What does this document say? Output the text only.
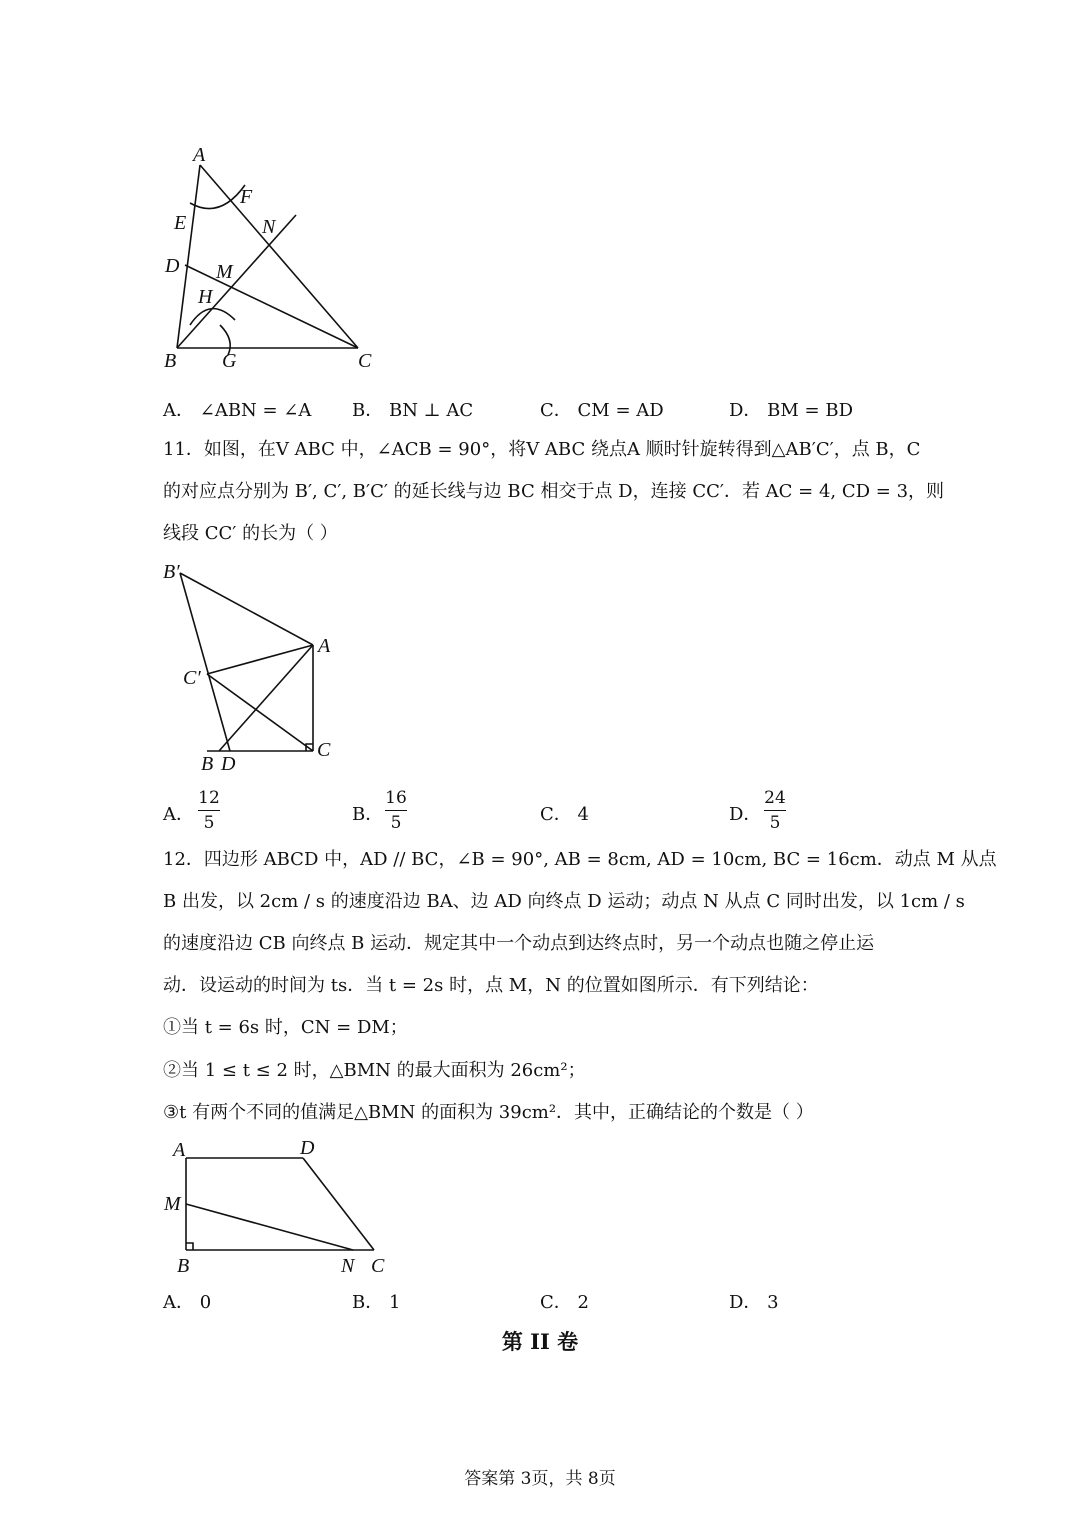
A
F
E	N
D M
H
B G	C
A． ∠ABN = ∠A B． BN ⊥ AC	C． CM = AD	D． BM = BD
11．如图，在V ABC 中，∠ACB = 90°，将V ABC 绕点A 顺时针旋转得到△AB′C′，点 B，C
的对应点分别为 B′, C′, B′C′ 的延长线与边 BC 相交于点 D，连接 CC′．若 AC = 4, CD = 3，则
线段 CC′ 的长为（ ）
B′
A
C′
C
B D
A．
12
5	B．
16
5	C． 4	D．
24
5
12．四边形 ABCD 中，AD // BC，∠B = 90°, AB = 8cm, AD = 10cm, BC = 16cm．动点 M 从点
B 出发，以 2cm / s 的速度沿边 BA、边 AD 向终点 D 运动；动点 N 从点 C 同时出发，以 1cm / s
的速度沿边 CB 向终点 B 运动．规定其中一个动点到达终点时，另一个动点也随之停止运
动．设运动的时间为 ts．当 t = 2s 时，点 M，N 的位置如图所示．有下列结论：
①当 t = 6s 时，CN = DM；
②当 1 ≤ t ≤ 2 时，△BMN 的最大面积为 26cm²；
③t 有两个不同的值满足△BMN 的面积为 39cm²．其中，正确结论的个数是（ ）
A	D
M
B	N C
A． 0	B． 1	C． 2	D． 3
第 II 卷
答案第 3页，共 8页
